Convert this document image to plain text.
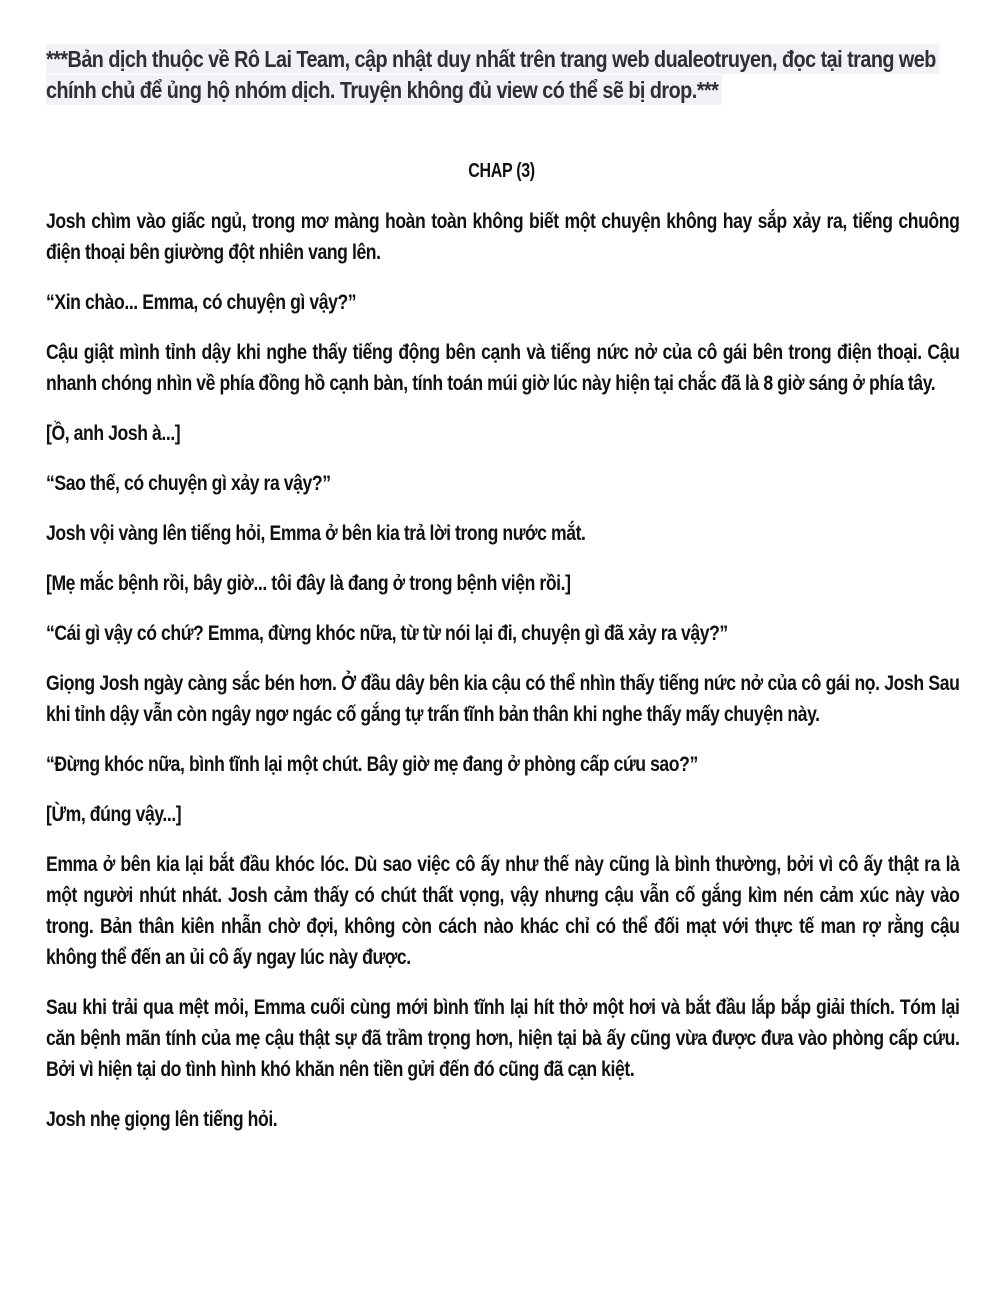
***Bản dịch thuộc về Rô Lai Team, cập nhật duy nhất trên trang web dualeotruyen, đọc tại trang web chính chủ để ủng hộ nhóm dịch. Truyện không đủ view có thể sẽ bị drop.***

CHAP (3)

Josh chìm vào giấc ngủ, trong mơ màng hoàn toàn không biết một chuyện không hay sắp xảy ra, tiếng chuông điện thoại bên giường đột nhiên vang lên.

“Xin chào... Emma, có chuyện gì vậy?”

Cậu giật mình tỉnh dậy khi nghe thấy tiếng động bên cạnh và tiếng nức nở của cô gái bên trong điện thoại. Cậu nhanh chóng nhìn về phía đồng hồ cạnh bàn, tính toán múi giờ lúc này hiện tại chắc đã là 8 giờ sáng ở phía tây.

[Ồ, anh Josh à...]

“Sao thế, có chuyện gì xảy ra vậy?”

Josh vội vàng lên tiếng hỏi, Emma ở bên kia trả lời trong nước mắt.

[Mẹ mắc bệnh rồi, bây giờ... tôi đây là đang ở trong bệnh viện rồi.]

“Cái gì vậy có chứ? Emma, đừng khóc nữa, từ từ nói lại đi, chuyện gì đã xảy ra vậy?”

Giọng Josh ngày càng sắc bén hơn. Ở đầu dây bên kia cậu có thể nhìn thấy tiếng nức nở của cô gái nọ. Josh Sau khi tỉnh dậy vẫn còn ngây ngơ ngác cố gắng tự trấn tĩnh bản thân khi nghe thấy mấy chuyện này.

“Đừng khóc nữa, bình tĩnh lại một chút. Bây giờ mẹ đang ở phòng cấp cứu sao?”

[Ừm, đúng vậy...]

Emma ở bên kia lại bắt đầu khóc lóc. Dù sao việc cô ấy như thế này cũng là bình thường, bởi vì cô ấy thật ra là một người nhút nhát. Josh cảm thấy có chút thất vọng, vậy nhưng cậu vẫn cố gắng kìm nén cảm xúc này vào trong. Bản thân kiên nhẫn chờ đợi, không còn cách nào khác chỉ có thể đối mạt với thực tế man rợ rằng cậu không thể đến an ủi cô ấy ngay lúc này được.

Sau khi trải qua mệt mỏi, Emma cuối cùng mới bình tĩnh lại hít thở một hơi và bắt đầu lắp bắp giải thích. Tóm lại căn bệnh mãn tính của mẹ cậu thật sự đã trầm trọng hơn, hiện tại bà ấy cũng vừa được đưa vào phòng cấp cứu. Bởi vì hiện tại do tình hình khó khăn nên tiền gửi đến đó cũng đã cạn kiệt.

Josh nhẹ giọng lên tiếng hỏi.
